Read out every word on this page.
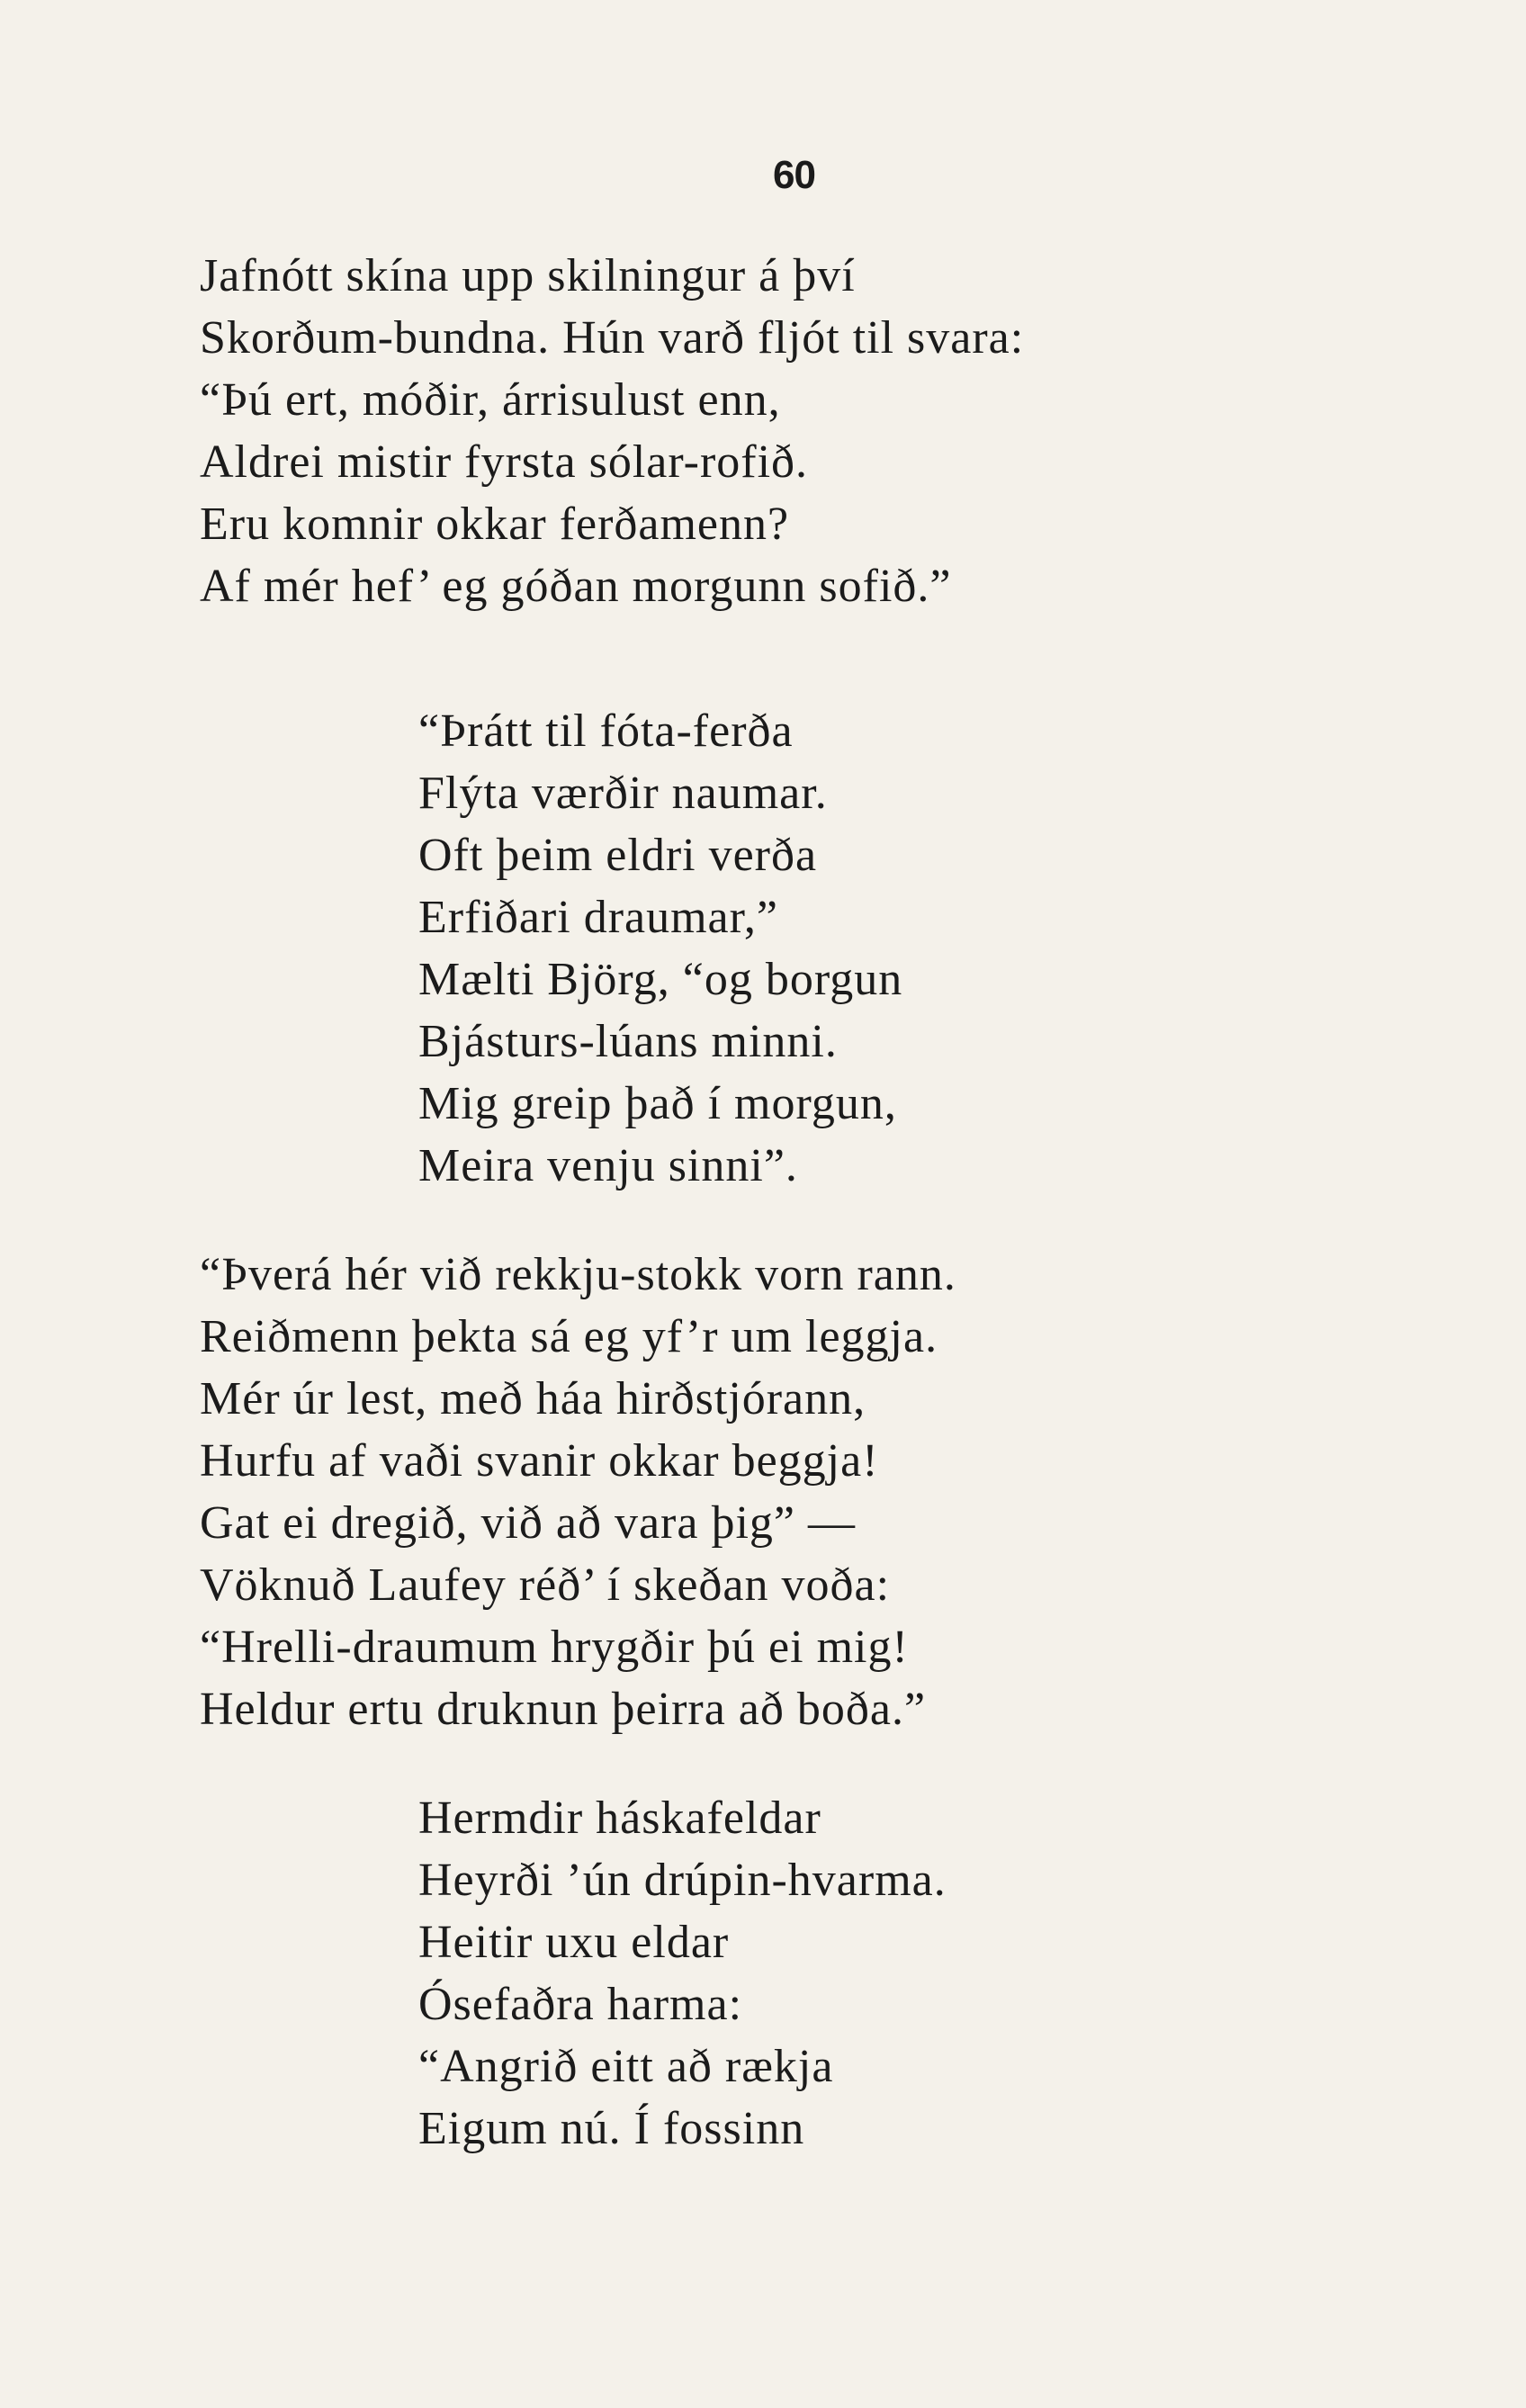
60
Jafnótt skína upp skilningur á því
Skorðum-bundna. Hún varð fljót til svara:
“Þú ert, móðir, árrisulust enn,
Aldrei mistir fyrsta sólar-rofið.
Eru komnir okkar ferðamenn?
Af mér hef’ eg góðan morgunn sofið.”
“Þrátt til fóta-ferða
Flýta værðir naumar.
Oft þeim eldri verða
Erfiðari draumar,”
Mælti Björg, “og borgun
Bjásturs-lúans minni.
Mig greip það í morgun,
Meira venju sinni”.
“Þverá hér við rekkju-stokk vorn rann.
Reiðmenn þekta sá eg yf’r um leggja.
Mér úr lest, með háa hirðstjórann,
Hurfu af vaði svanir okkar beggja!
Gat ei dregið, við að vara þig” —
Vöknuð Laufey réð’ í skeðan voða:
“Hrelli-draumum hrygðir þú ei mig!
Heldur ertu druknun þeirra að boða.”
Hermdir háskafeldar
Heyrði ’ún drúpin-hvarma.
Heitir uxu eldar
Ósefaðra harma:
“Angrið eitt að rækja
Eigum nú. Í fossinn
